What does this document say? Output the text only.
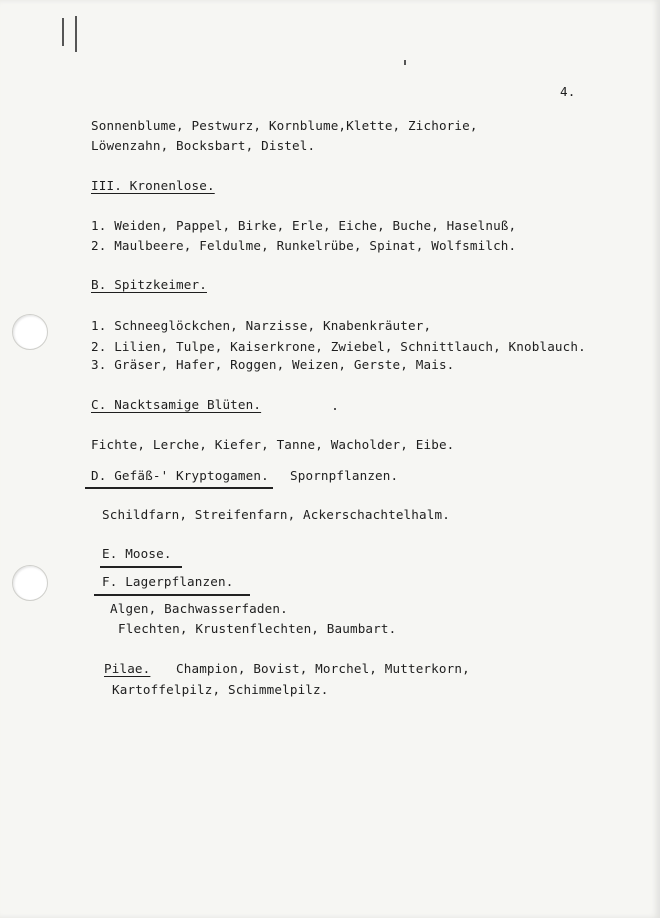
4.
Sonnenblume, Pestwurz, Kornblume,Klette, Zichorie,
Löwenzahn, Bocksbart, Distel.
III. Kronenlose.
1. Weiden, Pappel, Birke, Erle, Eiche, Buche, Haselnuß,
2. Maulbeere, Feldulme, Runkelrübe, Spinat, Wolfsmilch.
B. Spitzkeimer.
1. Schneeglöckchen, Narzisse, Knabenkräuter,
2. Lilien, Tulpe, Kaiserkrone, Zwiebel, Schnittlauch, Knoblauch.
3. Gräser, Hafer, Roggen, Weizen, Gerste, Mais.
C. Nacktsamige Blüten.
Fichte, Lerche, Kiefer, Tanne, Wacholder, Eibe.
D. Gefäß-' Kryptogamen. Spornpflanzen.
Schildfarn, Streifenfarn, Ackerschachtelhalm.
E. Moose.
F. Lagerpflanzen.
Algen, Bachwasserfaden.
Flechten, Krustenflechten, Baumbart.
Pilae. Champion, Bovist, Morchel, Mutterkorn,
Kartoffelpilz, Schimmelpilz.
